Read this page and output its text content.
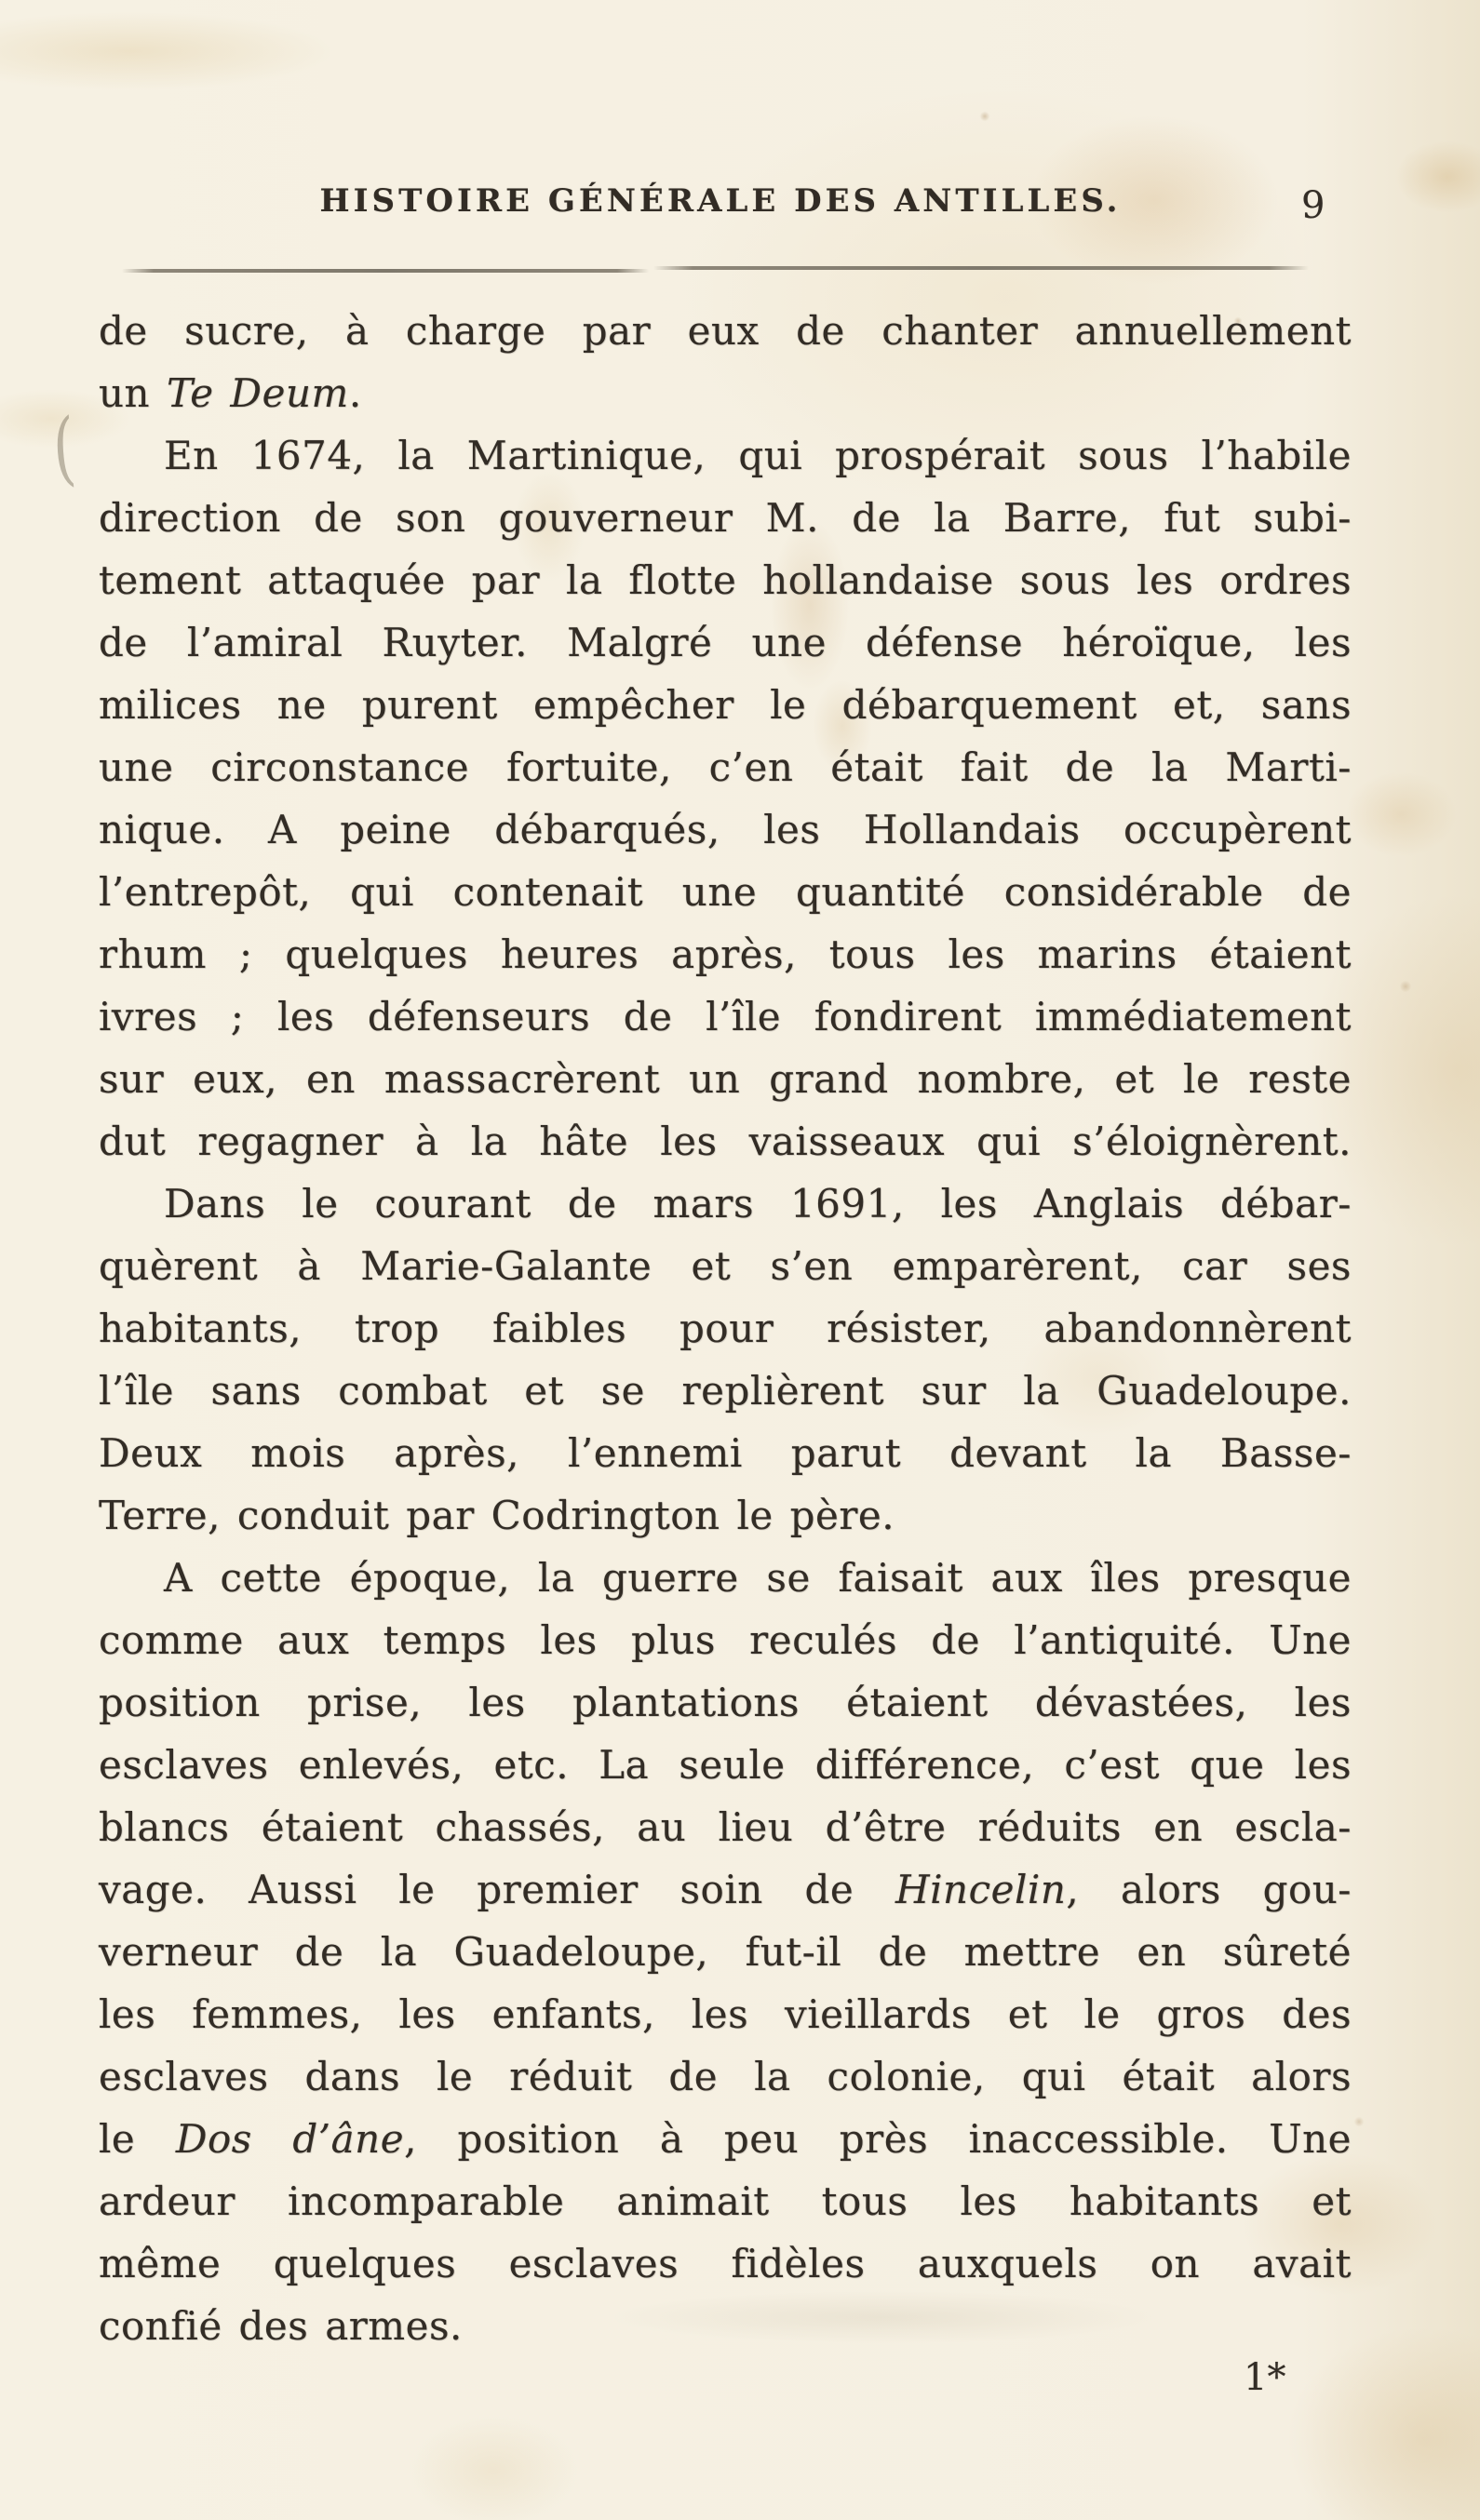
HISTOIRE GÉNÉRALE DES ANTILLES.	9
(
de sucre, à charge par eux de chanter annuellement
un Te Deum.
En 1674, la Martinique, qui prospérait sous l’habile
direction de son gouverneur M. de la Barre, fut subi-
tement attaquée par la flotte hollandaise sous les ordres
de l’amiral Ruyter. Malgré une défense héroïque, les
milices ne purent empêcher le débarquement et, sans
une circonstance fortuite, c’en était fait de la Marti-
nique. A peine débarqués, les Hollandais occupèrent
l’entrepôt, qui contenait une quantité considérable de
rhum ; quelques heures après, tous les marins étaient
ivres ; les défenseurs de l’île fondirent immédiatement
sur eux, en massacrèrent un grand nombre, et le reste
dut regagner à la hâte les vaisseaux qui s’éloignèrent.
Dans le courant de mars 1691, les Anglais débar-
quèrent à Marie-Galante et s’en emparèrent, car ses
habitants, trop faibles pour résister, abandonnèrent
l’île sans combat et se replièrent sur la Guadeloupe.
Deux mois après, l’ennemi parut devant la Basse-
Terre, conduit par Codrington le père.
A cette époque, la guerre se faisait aux îles presque
comme aux temps les plus reculés de l’antiquité. Une
position prise, les plantations étaient dévastées, les
esclaves enlevés, etc. La seule différence, c’est que les
blancs étaient chassés, au lieu d’être réduits en escla-
vage. Aussi le premier soin de Hincelin, alors gou-
verneur de la Guadeloupe, fut-il de mettre en sûreté
les femmes, les enfants, les vieillards et le gros des
esclaves dans le réduit de la colonie, qui était alors
le Dos d’âne, position à peu près inaccessible. Une
ardeur incomparable animait tous les habitants et
même quelques esclaves fidèles auxquels on avait
confié des armes.
1*
